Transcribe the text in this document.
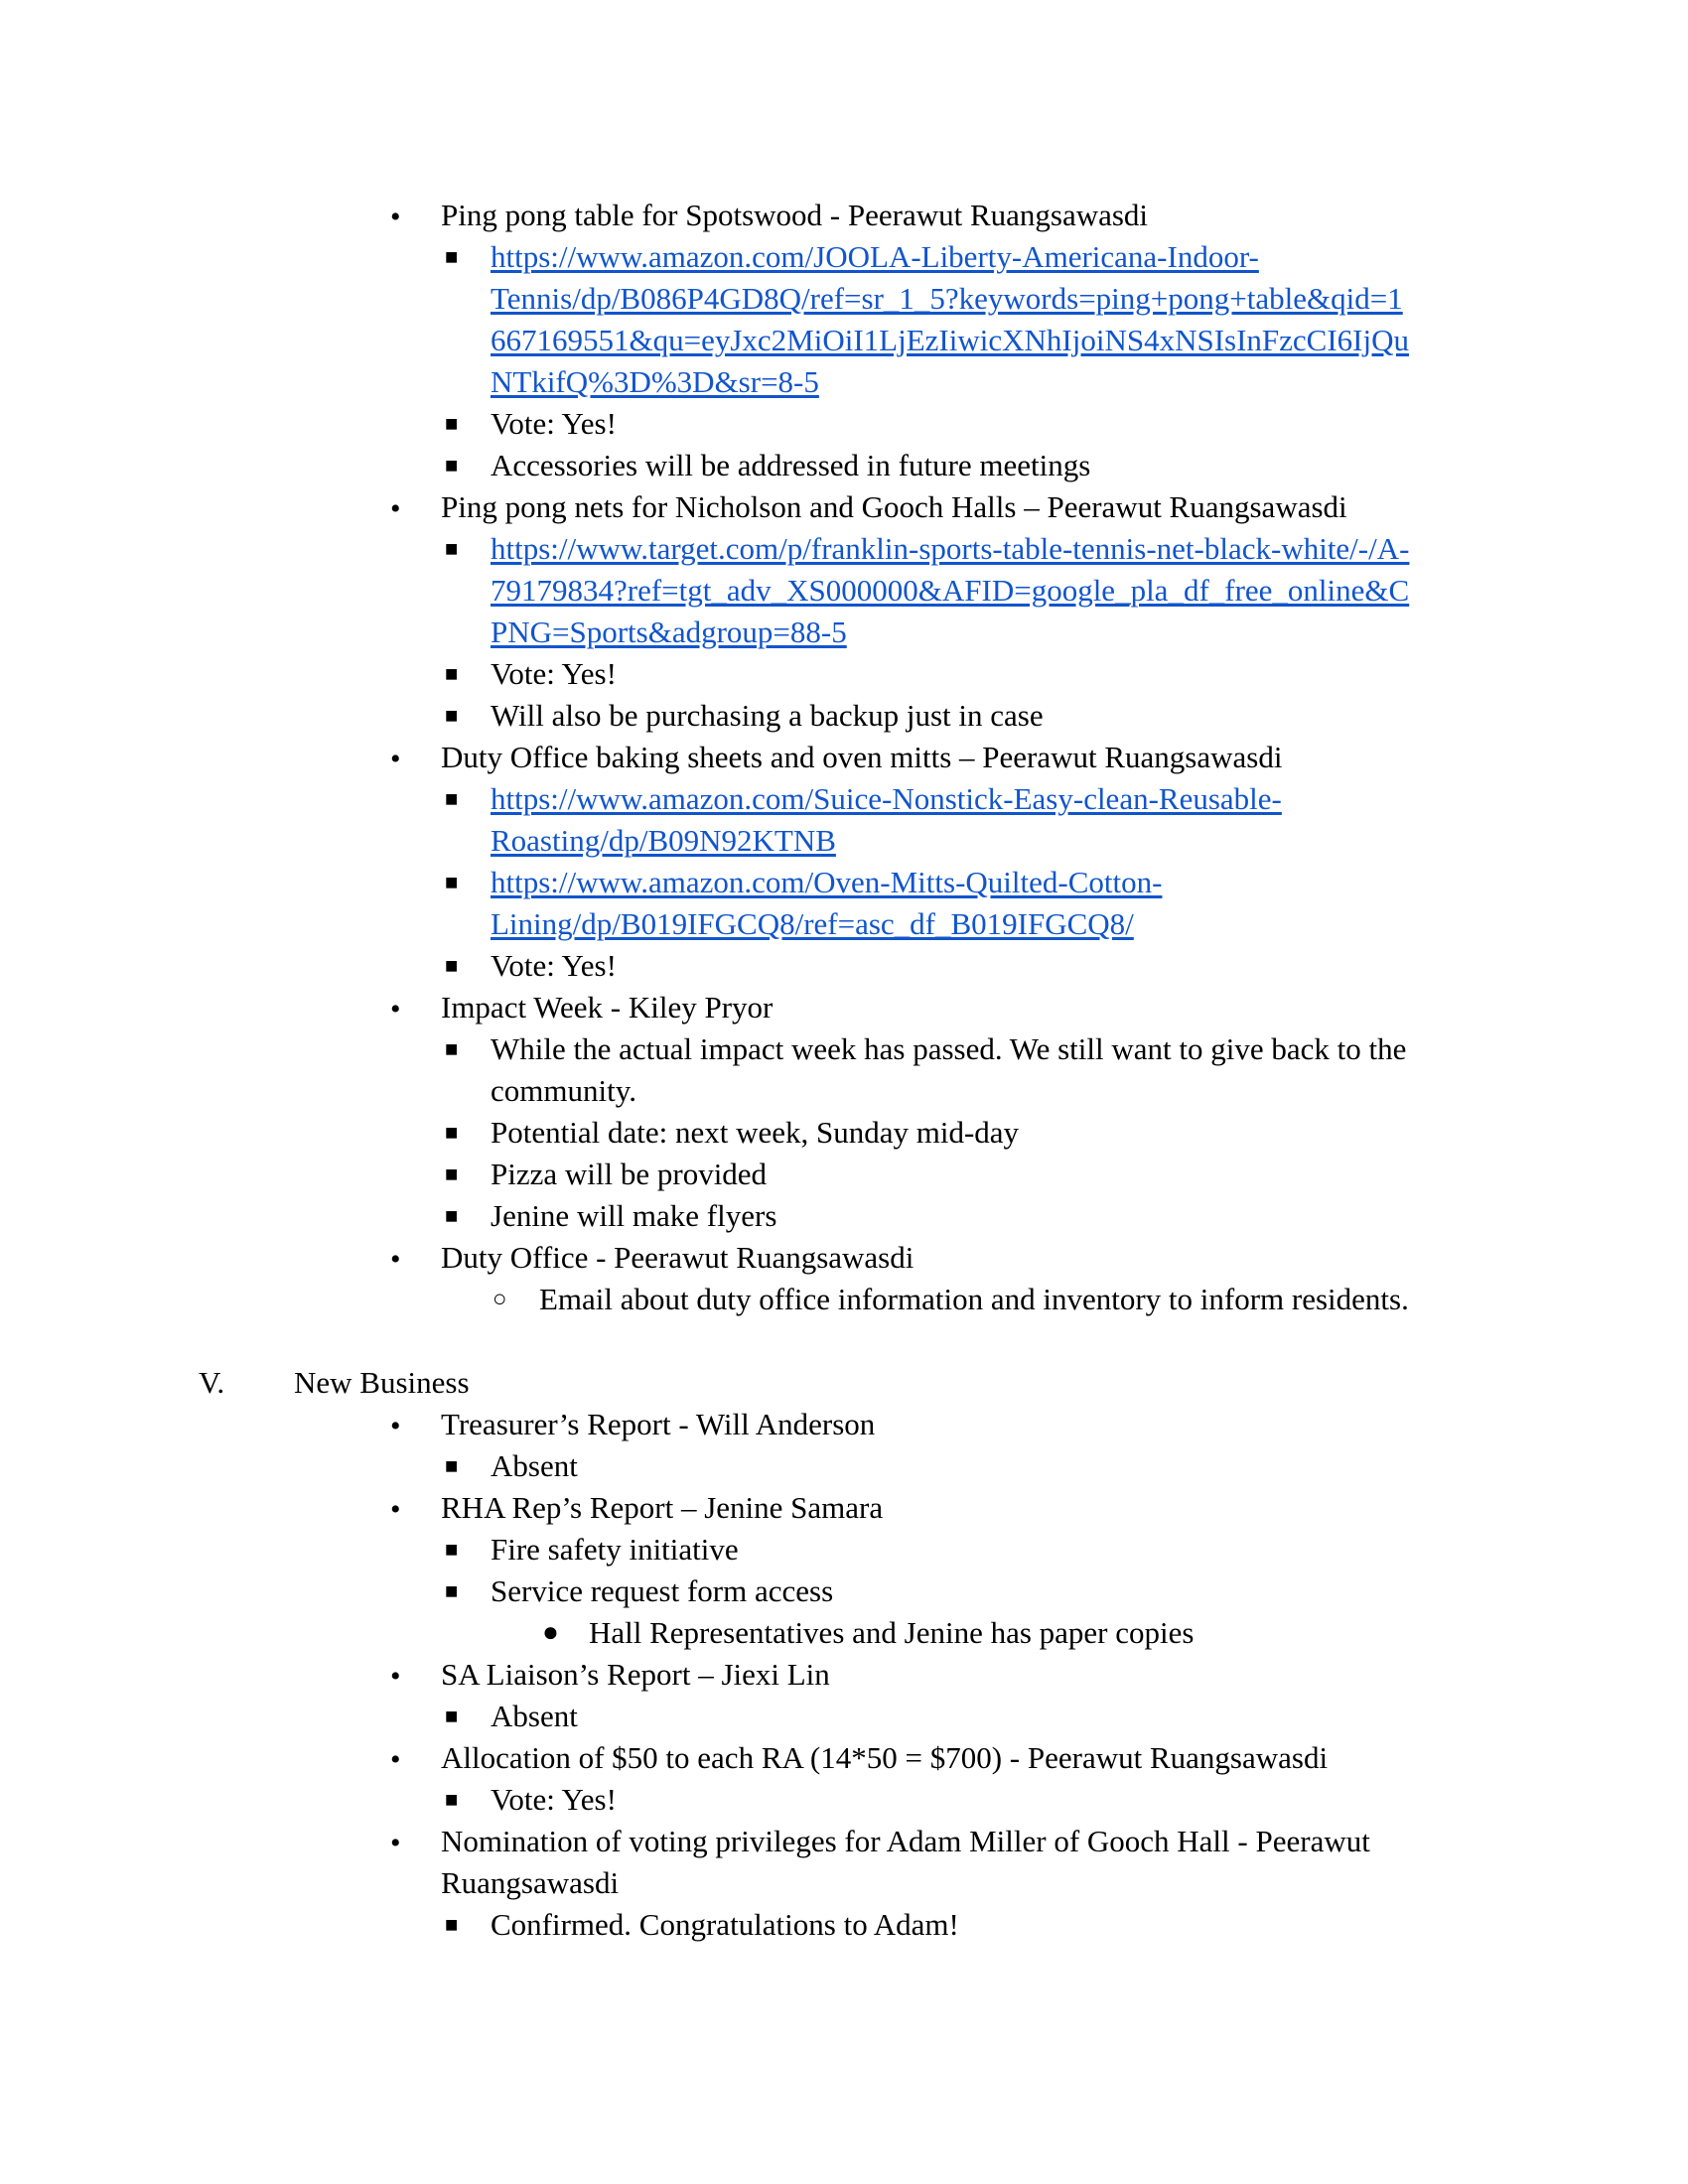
• Ping pong table for Spotswood - Peerawut Ruangsawasdi
■ https://www.amazon.com/JOOLA-Liberty-Americana-Indoor-
Tennis/dp/B086P4GD8Q/ref=sr_1_5?keywords=ping+pong+table&qid=1
667169551&qu=eyJxc2MiOiI1LjEzIiwicXNhIjoiNS4xNSIsInFzcCI6IjQu
NTkifQ%3D%3D&sr=8-5
■ Vote: Yes!
■ Accessories will be addressed in future meetings
• Ping pong nets for Nicholson and Gooch Halls – Peerawut Ruangsawasdi
■ https://www.target.com/p/franklin-sports-table-tennis-net-black-white/-/A-
79179834?ref=tgt_adv_XS000000&AFID=google_pla_df_free_online&C
PNG=Sports&adgroup=88-5
■ Vote: Yes!
■ Will also be purchasing a backup just in case
• Duty Office baking sheets and oven mitts – Peerawut Ruangsawasdi
■ https://www.amazon.com/Suice-Nonstick-Easy-clean-Reusable-
Roasting/dp/B09N92KTNB
■ https://www.amazon.com/Oven-Mitts-Quilted-Cotton-
Lining/dp/B019IFGCQ8/ref=asc_df_B019IFGCQ8/
■ Vote: Yes!
• Impact Week - Kiley Pryor
■ While the actual impact week has passed. We still want to give back to the
community.
■ Potential date: next week, Sunday mid-day
■ Pizza will be provided
■ Jenine will make flyers
• Duty Office - Peerawut Ruangsawasdi
○ Email about duty office information and inventory to inform residents.
V. New Business
• Treasurer’s Report - Will Anderson
■ Absent
• RHA Rep’s Report – Jenine Samara
■ Fire safety initiative
■ Service request form access
● Hall Representatives and Jenine has paper copies
• SA Liaison’s Report – Jiexi Lin
■ Absent
• Allocation of $50 to each RA (14*50 = $700) - Peerawut Ruangsawasdi
■ Vote: Yes!
• Nomination of voting privileges for Adam Miller of Gooch Hall - Peerawut
Ruangsawasdi
■ Confirmed. Congratulations to Adam!
